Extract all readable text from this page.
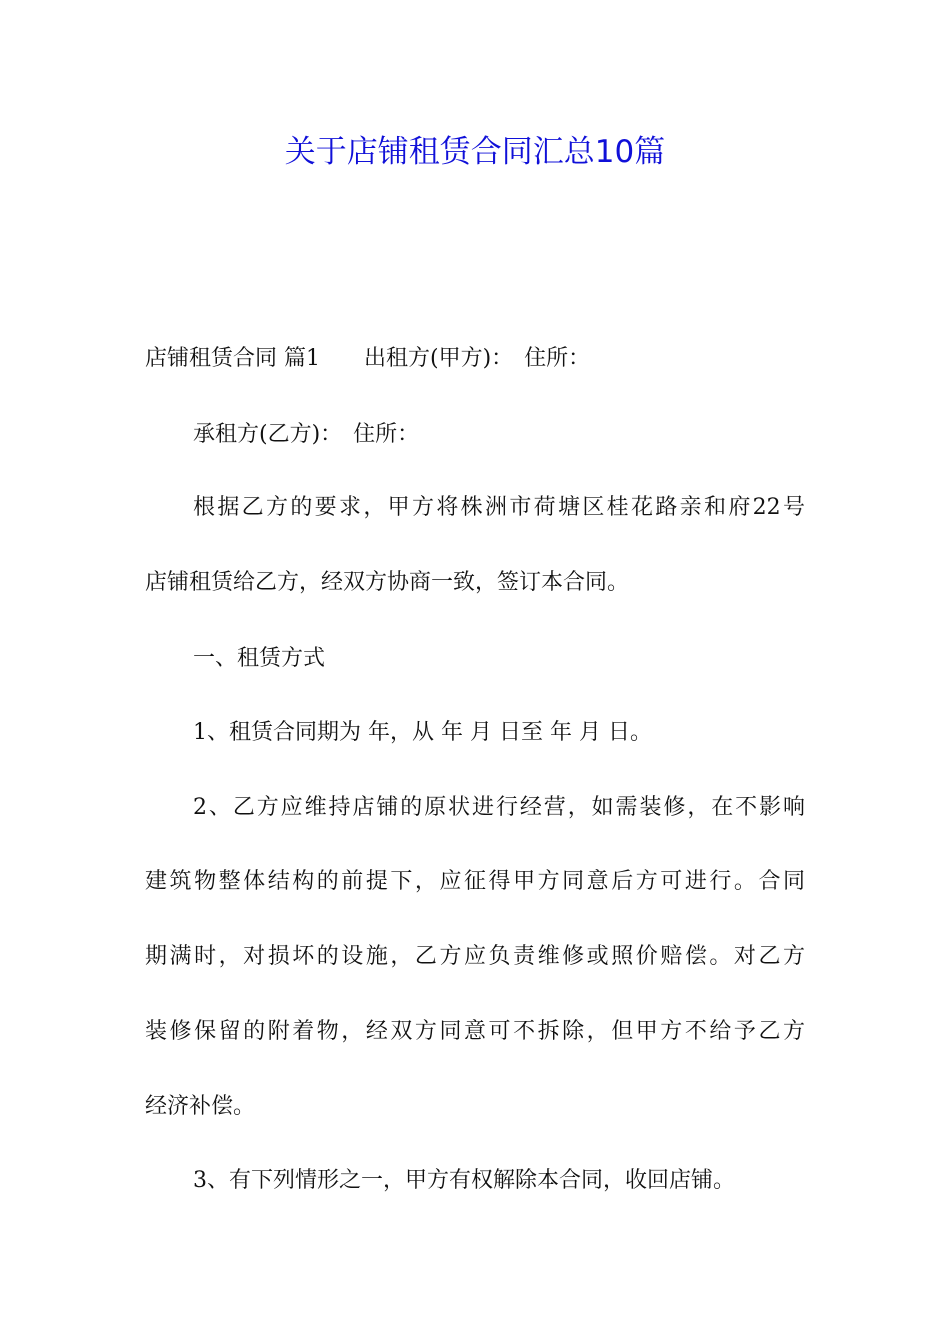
关于店铺租赁合同汇总10篇

店铺租赁合同 篇1　　出租方(甲方)：　住所：

承租方(乙方)：　住所：

根据乙方的要求，甲方将株洲市荷塘区桂花路亲和府22号

店铺租赁给乙方，经双方协商一致，签订本合同。

一、租赁方式

1、租赁合同期为 年，从 年 月 日至 年 月 日。

2、乙方应维持店铺的原状进行经营，如需装修，在不影响

建筑物整体结构的前提下，应征得甲方同意后方可进行。合同

期满时，对损坏的设施，乙方应负责维修或照价赔偿。对乙方

装修保留的附着物，经双方同意可不拆除，但甲方不给予乙方

经济补偿。

3、有下列情形之一，甲方有权解除本合同，收回店铺。
